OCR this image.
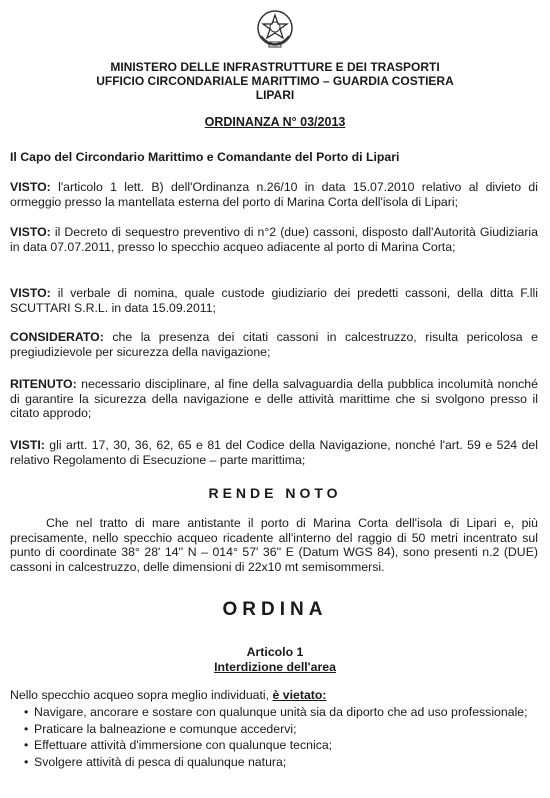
MINISTERO DELLE INFRASTRUTTURE E DEI TRASPORTI
UFFICIO CIRCONDARIALE MARITTIMO – GUARDIA COSTIERA
LIPARI
ORDINANZA N° 03/2013
Il Capo del Circondario Marittimo e Comandante del Porto di Lipari
VISTO: l'articolo 1 lett. B) dell'Ordinanza n.26/10 in data 15.07.2010 relativo al divieto di ormeggio presso la mantellata esterna del porto di Marina Corta dell'isola di Lipari;
VISTO: il Decreto di sequestro preventivo di n°2 (due) cassoni, disposto dall'Autorità Giudiziaria in data 07.07.2011, presso lo specchio acqueo adiacente al porto di Marina Corta;
VISTO: il verbale di nomina, quale custode giudiziario dei predetti cassoni, della ditta F.lli SCUTTARI S.R.L. in data 15.09.2011;
CONSIDERATO: che la presenza dei citati cassoni in calcestruzzo, risulta pericolosa e pregiudizievole per sicurezza della navigazione;
RITENUTO: necessario disciplinare, al fine della salvaguardia della pubblica incolumità nonché di garantire la sicurezza della navigazione e delle attività marittime che si svolgono presso il citato approdo;
VISTI: gli artt. 17, 30, 36, 62, 65 e 81 del Codice della Navigazione, nonché l'art. 59 e 524 del relativo Regolamento di Esecuzione – parte marittima;
RENDE NOTO
Che nel tratto di mare antistante il porto di Marina Corta dell'isola di Lipari e, più precisamente, nello specchio acqueo ricadente all'interno del raggio di 50 metri incentrato sul punto di coordinate 38° 28' 14'' N – 014° 57' 36'' E (Datum WGS 84), sono presenti n.2 (DUE) cassoni in calcestruzzo, delle dimensioni di 22x10 mt semisommersi.
ORDINA
Articolo 1
Interdizione dell'area
Nello specchio acqueo sopra meglio individuati, è vietato:
• Navigare, ancorare e sostare con qualunque unità sia da diporto che ad uso professionale;
• Praticare la balneazione e comunque accedervi;
• Effettuare attività d'immersione con qualunque tecnica;
• Svolgere attività di pesca di qualunque natura;
